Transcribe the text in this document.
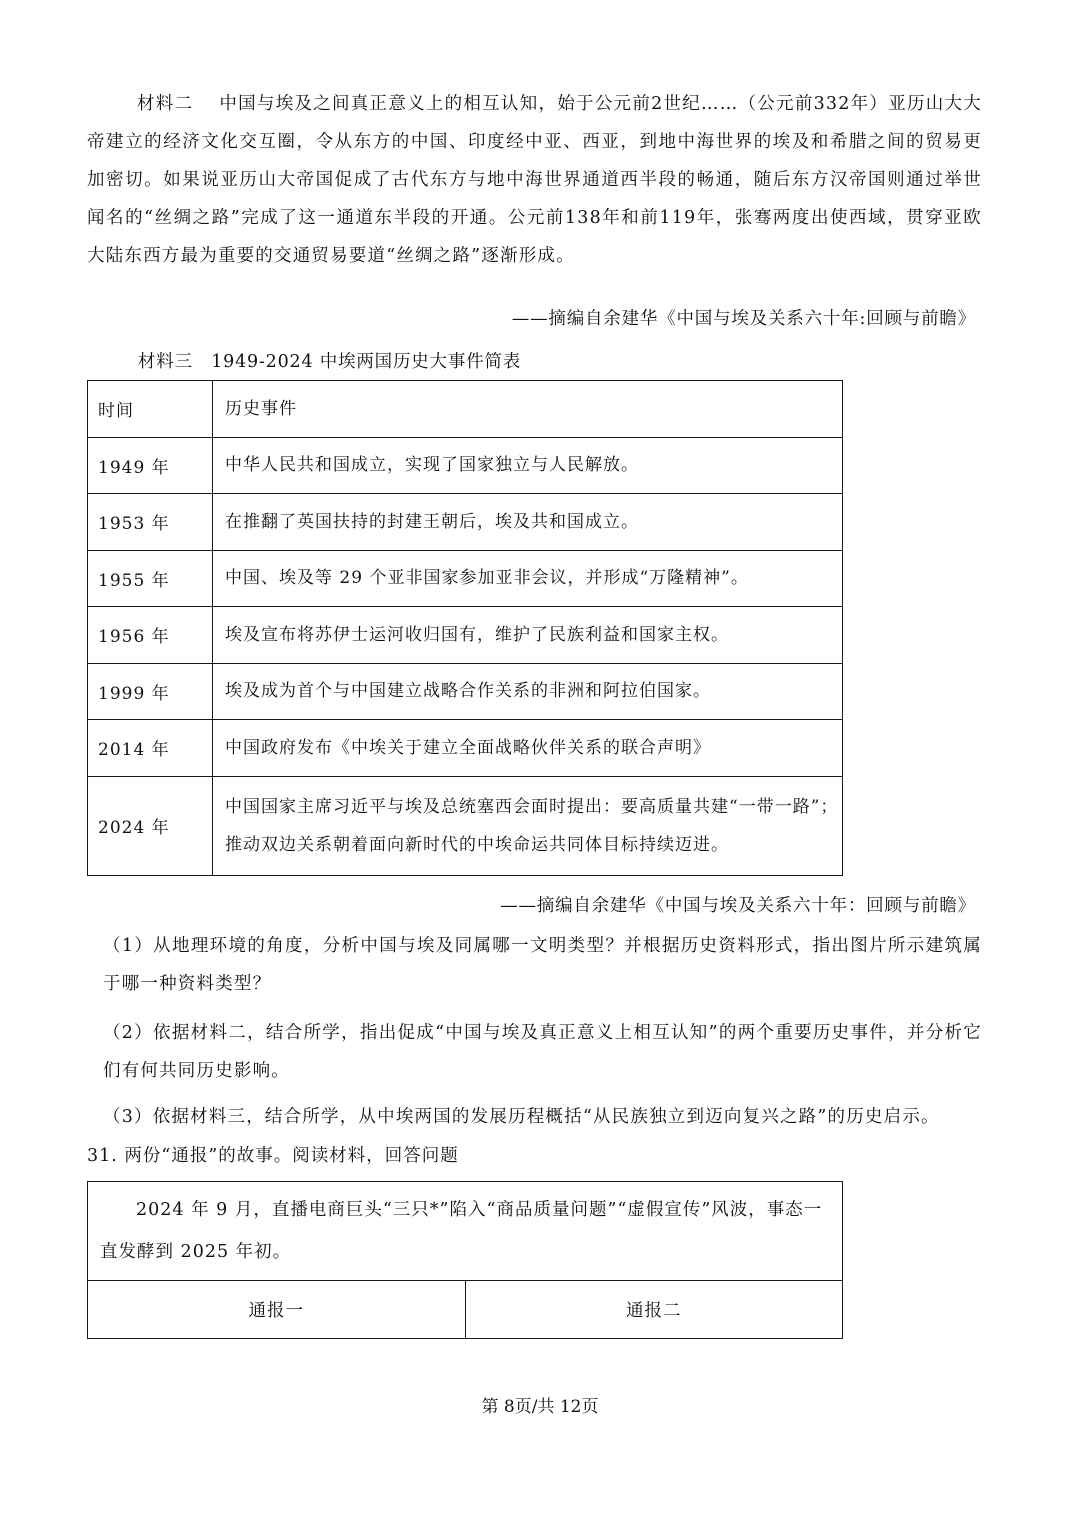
材料二 中国与埃及之间真正意义上的相互认知，始于公元前2世纪……（公元前332年）亚历山大大帝建立的经济文化交互圈，令从东方的中国、印度经中亚、西亚，到地中海世界的埃及和希腊之间的贸易更加密切。如果说亚历山大帝国促成了古代东方与地中海世界通道西半段的畅通，随后东方汉帝国则通过举世闻名的“丝绸之路”完成了这一通道东半段的开通。公元前138年和前119年，张骞两度出使西域，贯穿亚欧大陆东西方最为重要的交通贸易要道“丝绸之路”逐渐形成。

——摘编自余建华《中国与埃及关系六十年:回顾与前瞻》

材料三　1949-2024 中埃两国历史大事件简表

时间	历史事件
1949 年	中华人民共和国成立，实现了国家独立与人民解放。
1953 年	在推翻了英国扶持的封建王朝后，埃及共和国成立。
1955 年	中国、埃及等 29 个亚非国家参加亚非会议，并形成“万隆精神”。
1956 年	埃及宣布将苏伊士运河收归国有，维护了民族利益和国家主权。
1999 年	埃及成为首个与中国建立战略合作关系的非洲和阿拉伯国家。
2014 年	中国政府发布《中埃关于建立全面战略伙伴关系的联合声明》
2024 年	中国国家主席习近平与埃及总统塞西会面时提出：要高质量共建“一带一路”；推动双边关系朝着面向新时代的中埃命运共同体目标持续迈进。

——摘编自余建华《中国与埃及关系六十年：回顾与前瞻》

（1）从地理环境的角度，分析中国与埃及同属哪一文明类型？并根据历史资料形式，指出图片所示建筑属于哪一种资料类型？

（2）依据材料二，结合所学，指出促成“中国与埃及真正意义上相互认知”的两个重要历史事件，并分析它们有何共同历史影响。

（3）依据材料三，结合所学，从中埃两国的发展历程概括“从民族独立到迈向复兴之路”的历史启示。

31. 两份“通报”的故事。阅读材料，回答问题

2024 年 9 月，直播电商巨头“三只*”陷入“商品质量问题”“虚假宣传”风波，事态一直发酵到 2025 年初。
通报一	通报二

第 8页/共 12页
